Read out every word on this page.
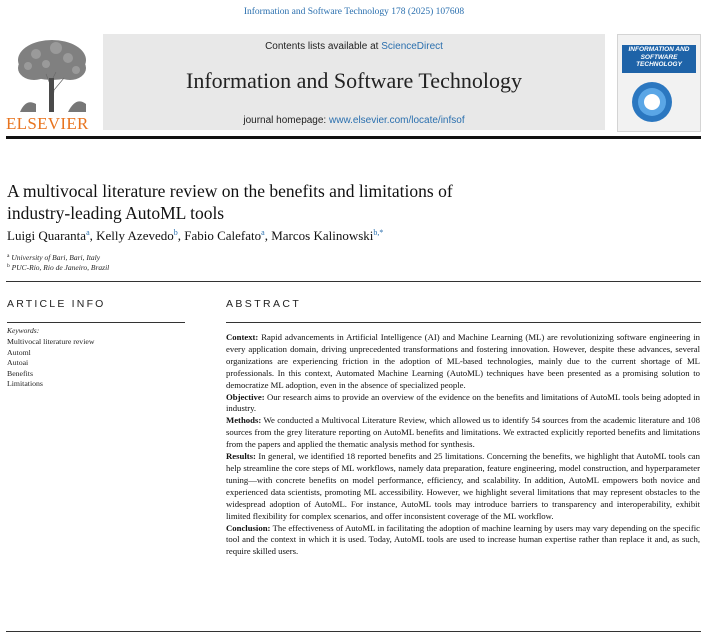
Information and Software Technology 178 (2025) 107608
ELSEVIER
Contents lists available at ScienceDirect
Information and Software Technology
journal homepage: www.elsevier.com/locate/infsof
INFORMATION AND SOFTWARE TECHNOLOGY
A multivocal literature review on the benefits and limitations of
industry-leading AutoML tools
Luigi Quaranta$^a$, Kelly Azevedo$^b$, Fabio Calefato$^a$, Marcos Kalinowski$^{b,*}$
$^a$ University of Bari, Bari, Italy
$^b$ PUC-Rio, Rio de Janeiro, Brazil
ARTICLE INFO
Keywords:
Multivocal literature review
Automl
Autoai
Benefits
Limitations
ABSTRACT

Context: Rapid advancements in Artificial Intelligence (AI) and Machine Learning (ML) are revolutionizing software engineering in every application domain, driving unprecedented transformations and fostering innovation. However, despite these advances, several organizations are experiencing friction in the adoption of ML-based technologies, mainly due to the current shortage of ML professionals. In this context, Automated Machine Learning (AutoML) techniques have been presented as a promising solution to democratize ML adoption, even in the absence of specialized people.

Objective: Our research aims to provide an overview of the evidence on the benefits and limitations of AutoML tools being adopted in industry.

Methods: We conducted a Multivocal Literature Review, which allowed us to identify 54 sources from the academic literature and 108 sources from the grey literature reporting on AutoML benefits and limitations. We extracted explicitly reported benefits and limitations from the papers and applied the thematic analysis method for synthesis.

Results: In general, we identified 18 reported benefits and 25 limitations. Concerning the benefits, we highlight that AutoML tools can help streamline the core steps of ML workflows, namely data preparation, feature engineering, model construction, and hyperparameter tuning—with concrete benefits on model performance, efficiency, and scalability. In addition, AutoML empowers both novice and experienced data scientists, promoting ML accessibility. However, we highlight several limitations that may represent obstacles to the widespread adoption of AutoML. For instance, AutoML tools may introduce barriers to transparency and interoperability, exhibit limited flexibility for complex scenarios, and offer inconsistent coverage of the ML workflow.

Conclusion: The effectiveness of AutoML in facilitating the adoption of machine learning by users may vary depending on the specific tool and the context in which it is used. Today, AutoML tools are used to increase human expertise rather than replace it and, as such, require skilled users.
